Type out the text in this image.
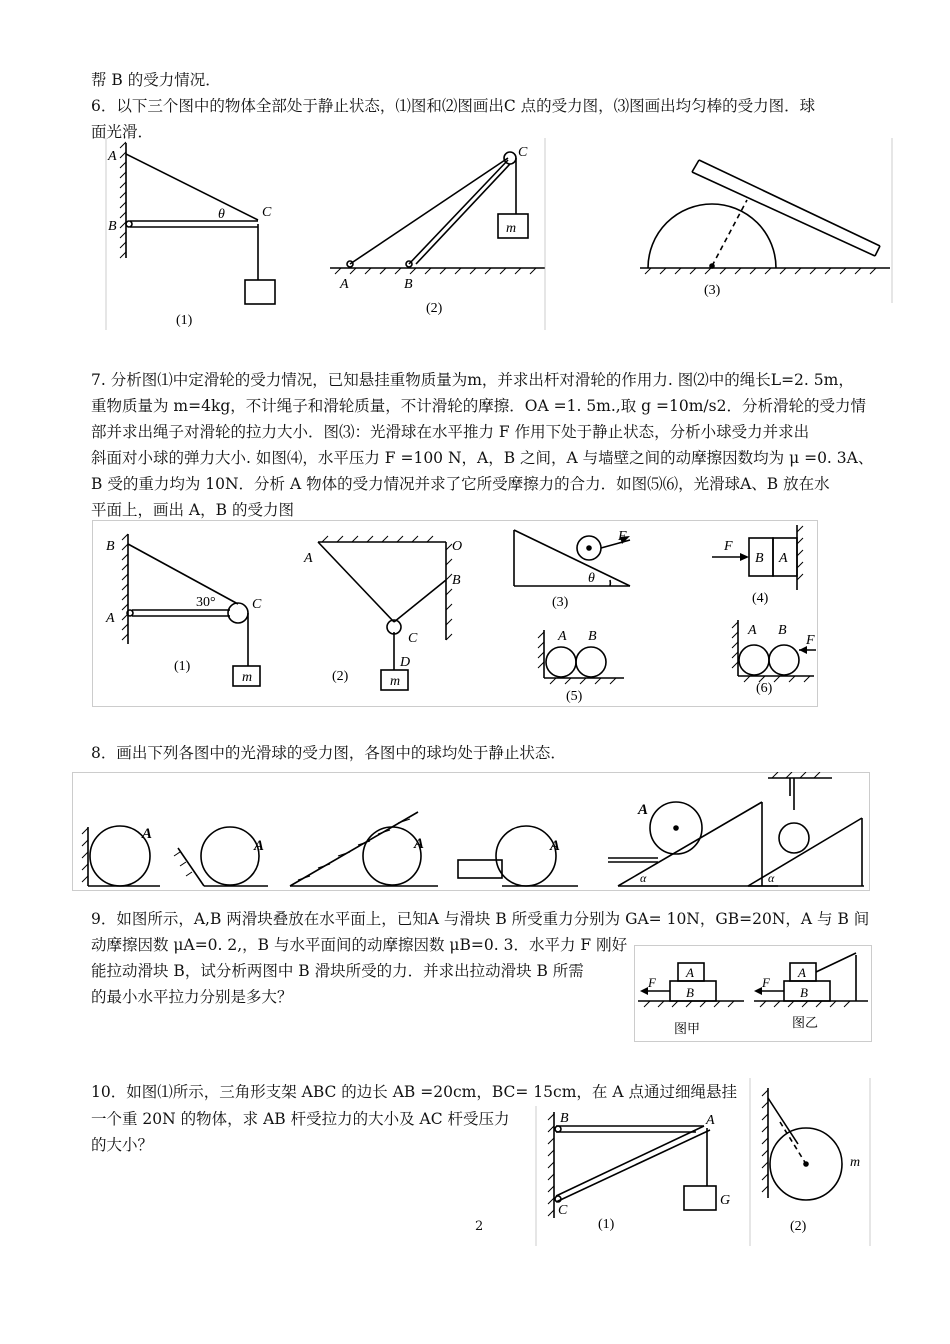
帮 B 的受力情况．
6．以下三个图中的物体全部处于静止状态，⑴图和⑵图画出C 点的受力图，⑶图画出均匀棒的受力图．球
面光滑．
A
B
C
θ
(1)
A	B
C
m
(2)
(3)
7. 分析图⑴中定滑轮的受力情况，已知悬挂重物质量为m，并求出杆对滑轮的作用力. 图⑵中的绳长L=2. 5m，
重物质量为 m=4kg，不计绳子和滑轮质量，不计滑轮的摩擦．OA =1. 5m.,取 g =10m/s2．分析滑轮的受力情
部并求出绳子对滑轮的拉力大小．图⑶：光滑球在水平推力 F 作用下处于静止状态，分析小球受力并求出
斜面对小球的弹力大小. 如图⑷，水平压力 F =100 N，A，B 之间，A 与墙壁之间的动摩擦因数均为 μ =0. 3A、
B 受的重力均为 10N．分析 A 物体的受力情况并求了它所受摩擦力的合力．如图⑸⑹，光滑球A、B 放在水
平面上，画出 A，B 的受力图
B
A
C
30°
m
(1)
A
O
B
C
D
m
(2)
F
θ
(3)
F
B A
(4)
A B
(5)
A B
F
(6)
8．画出下列各图中的光滑球的受力图，各图中的球均处于静止状态．
A
A	A	A
A
α	α
9．如图所示，A,B 两滑块叠放在水平面上，已知A 与滑块 B 所受重力分别为 GA= 10N，GB=20N，A 与 B 间
动摩擦因数 μA=0. 2,，B 与水平面间的动摩擦因数 μB=0. 3．水平力 F 刚好
能拉动滑块 B，试分析两图中 B 滑块所受的力．并求出拉动滑块 B 所需
的最小水平拉力分别是多大？
F
A
B
F
A
B
图甲	图乙
10．如图⑴所示，三角形支架 ABC 的边长 AB =20cm，BC= 15cm，在 A 点通过细绳悬挂
一个重 20N 的物体，求 AB 杆受拉力的大小及 AC 杆受压力
的大小？
B	A
C
G
m
(1)	(2)
2
